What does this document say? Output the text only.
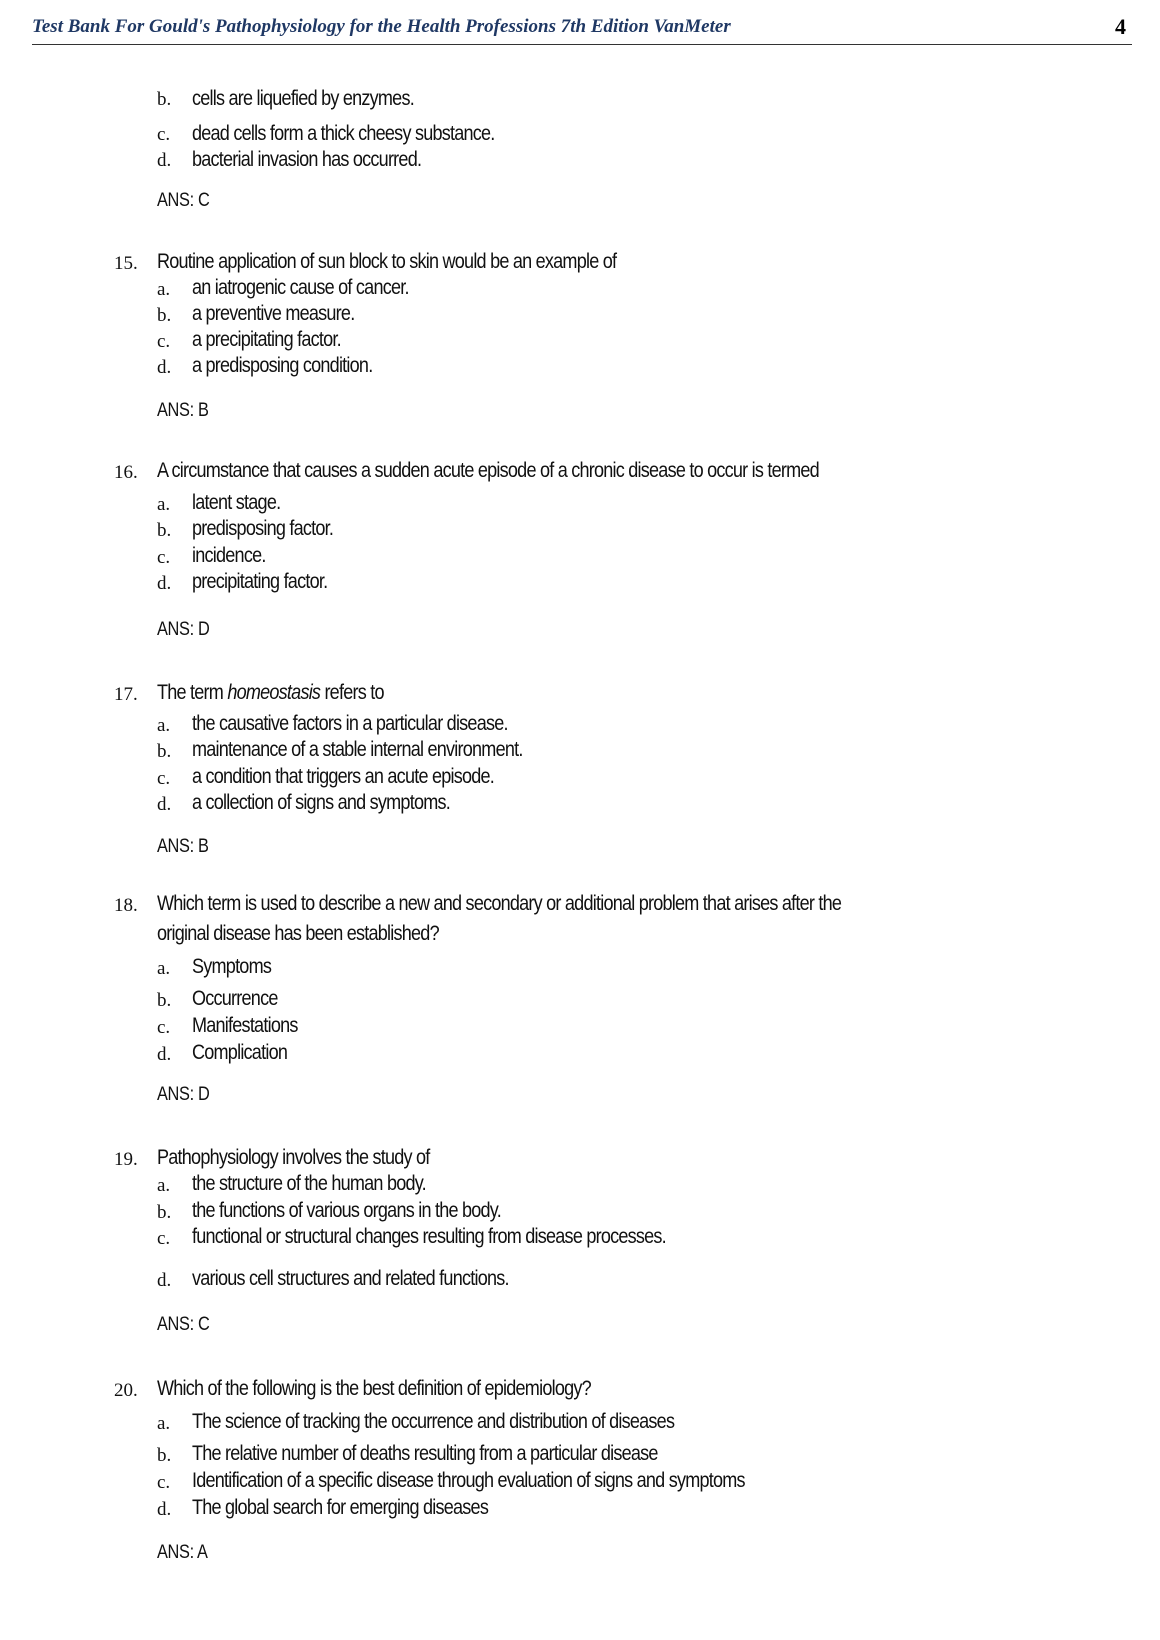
Test Bank For Gould's Pathophysiology for the Health Professions 7th Edition VanMeter	4
b. cells are liquefied by enzymes.
c. dead cells form a thick cheesy substance.
d. bacterial invasion has occurred.
ANS: C
15. Routine application of sun block to skin would be an example of
a. an iatrogenic cause of cancer.
b. a preventive measure.
c. a precipitating factor.
d. a predisposing condition.
ANS: B
16. A circumstance that causes a sudden acute episode of a chronic disease to occur is termed
a. latent stage.
b. predisposing factor.
c. incidence.
d. precipitating factor.
ANS: D
17. The term homeostasis refers to
a. the causative factors in a particular disease.
b. maintenance of a stable internal environment.
c. a condition that triggers an acute episode.
d. a collection of signs and symptoms.
ANS: B
18. Which term is used to describe a new and secondary or additional problem that arises after the
original disease has been established?
a. Symptoms
b. Occurrence
c. Manifestations
d. Complication
ANS: D
19. Pathophysiology involves the study of
a. the structure of the human body.
b. the functions of various organs in the body.
c. functional or structural changes resulting from disease processes.
d. various cell structures and related functions.
ANS: C
20. Which of the following is the best definition of epidemiology?
a. The science of tracking the occurrence and distribution of diseases
b. The relative number of deaths resulting from a particular disease
c. Identification of a specific disease through evaluation of signs and symptoms
d. The global search for emerging diseases
ANS: A
